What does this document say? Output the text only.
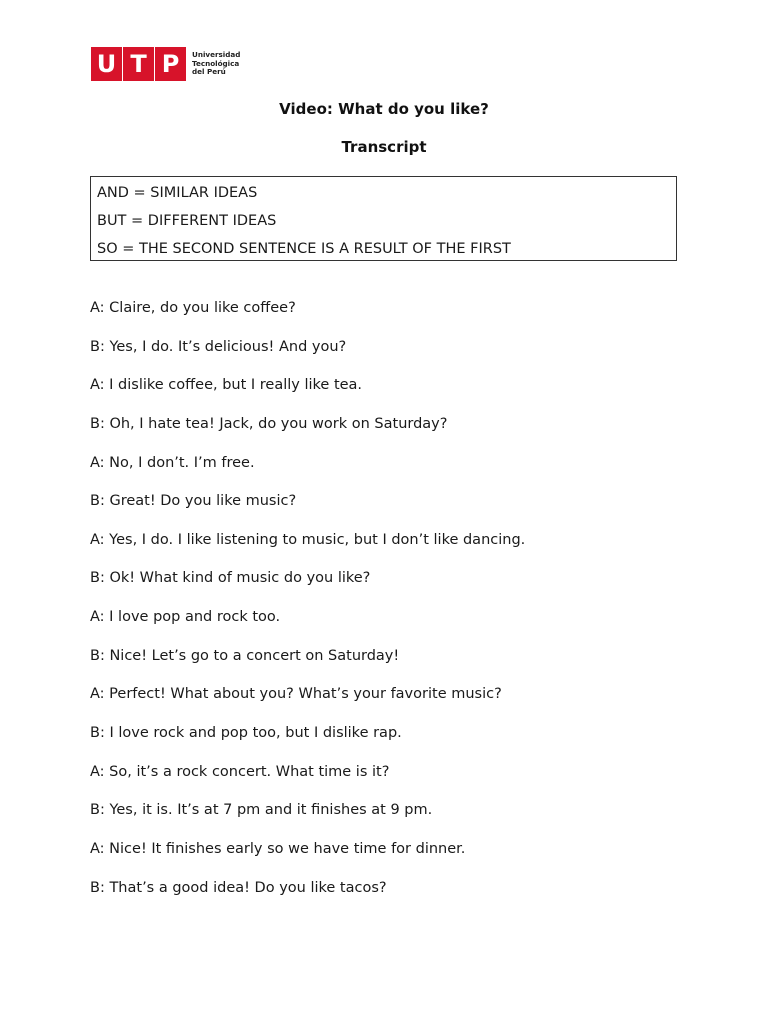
U T P	Universidad
Tecnológica
del Perú
Video: What do you like?
Transcript
AND = SIMILAR IDEAS
BUT = DIFFERENT IDEAS
SO = THE SECOND SENTENCE IS A RESULT OF THE FIRST
A: Claire, do you like coffee?
B: Yes, I do. It’s delicious! And you?
A: I dislike coffee, but I really like tea.
B: Oh, I hate tea! Jack, do you work on Saturday?
A: No, I don’t. I’m free.
B: Great! Do you like music?
A: Yes, I do. I like listening to music, but I don’t like dancing.
B: Ok! What kind of music do you like?
A: I love pop and rock too.
B: Nice! Let’s go to a concert on Saturday!
A: Perfect! What about you? What’s your favorite music?
B: I love rock and pop too, but I dislike rap.
A: So, it’s a rock concert. What time is it?
B: Yes, it is. It’s at 7 pm and it finishes at 9 pm.
A: Nice! It finishes early so we have time for dinner.
B: That’s a good idea! Do you like tacos?
